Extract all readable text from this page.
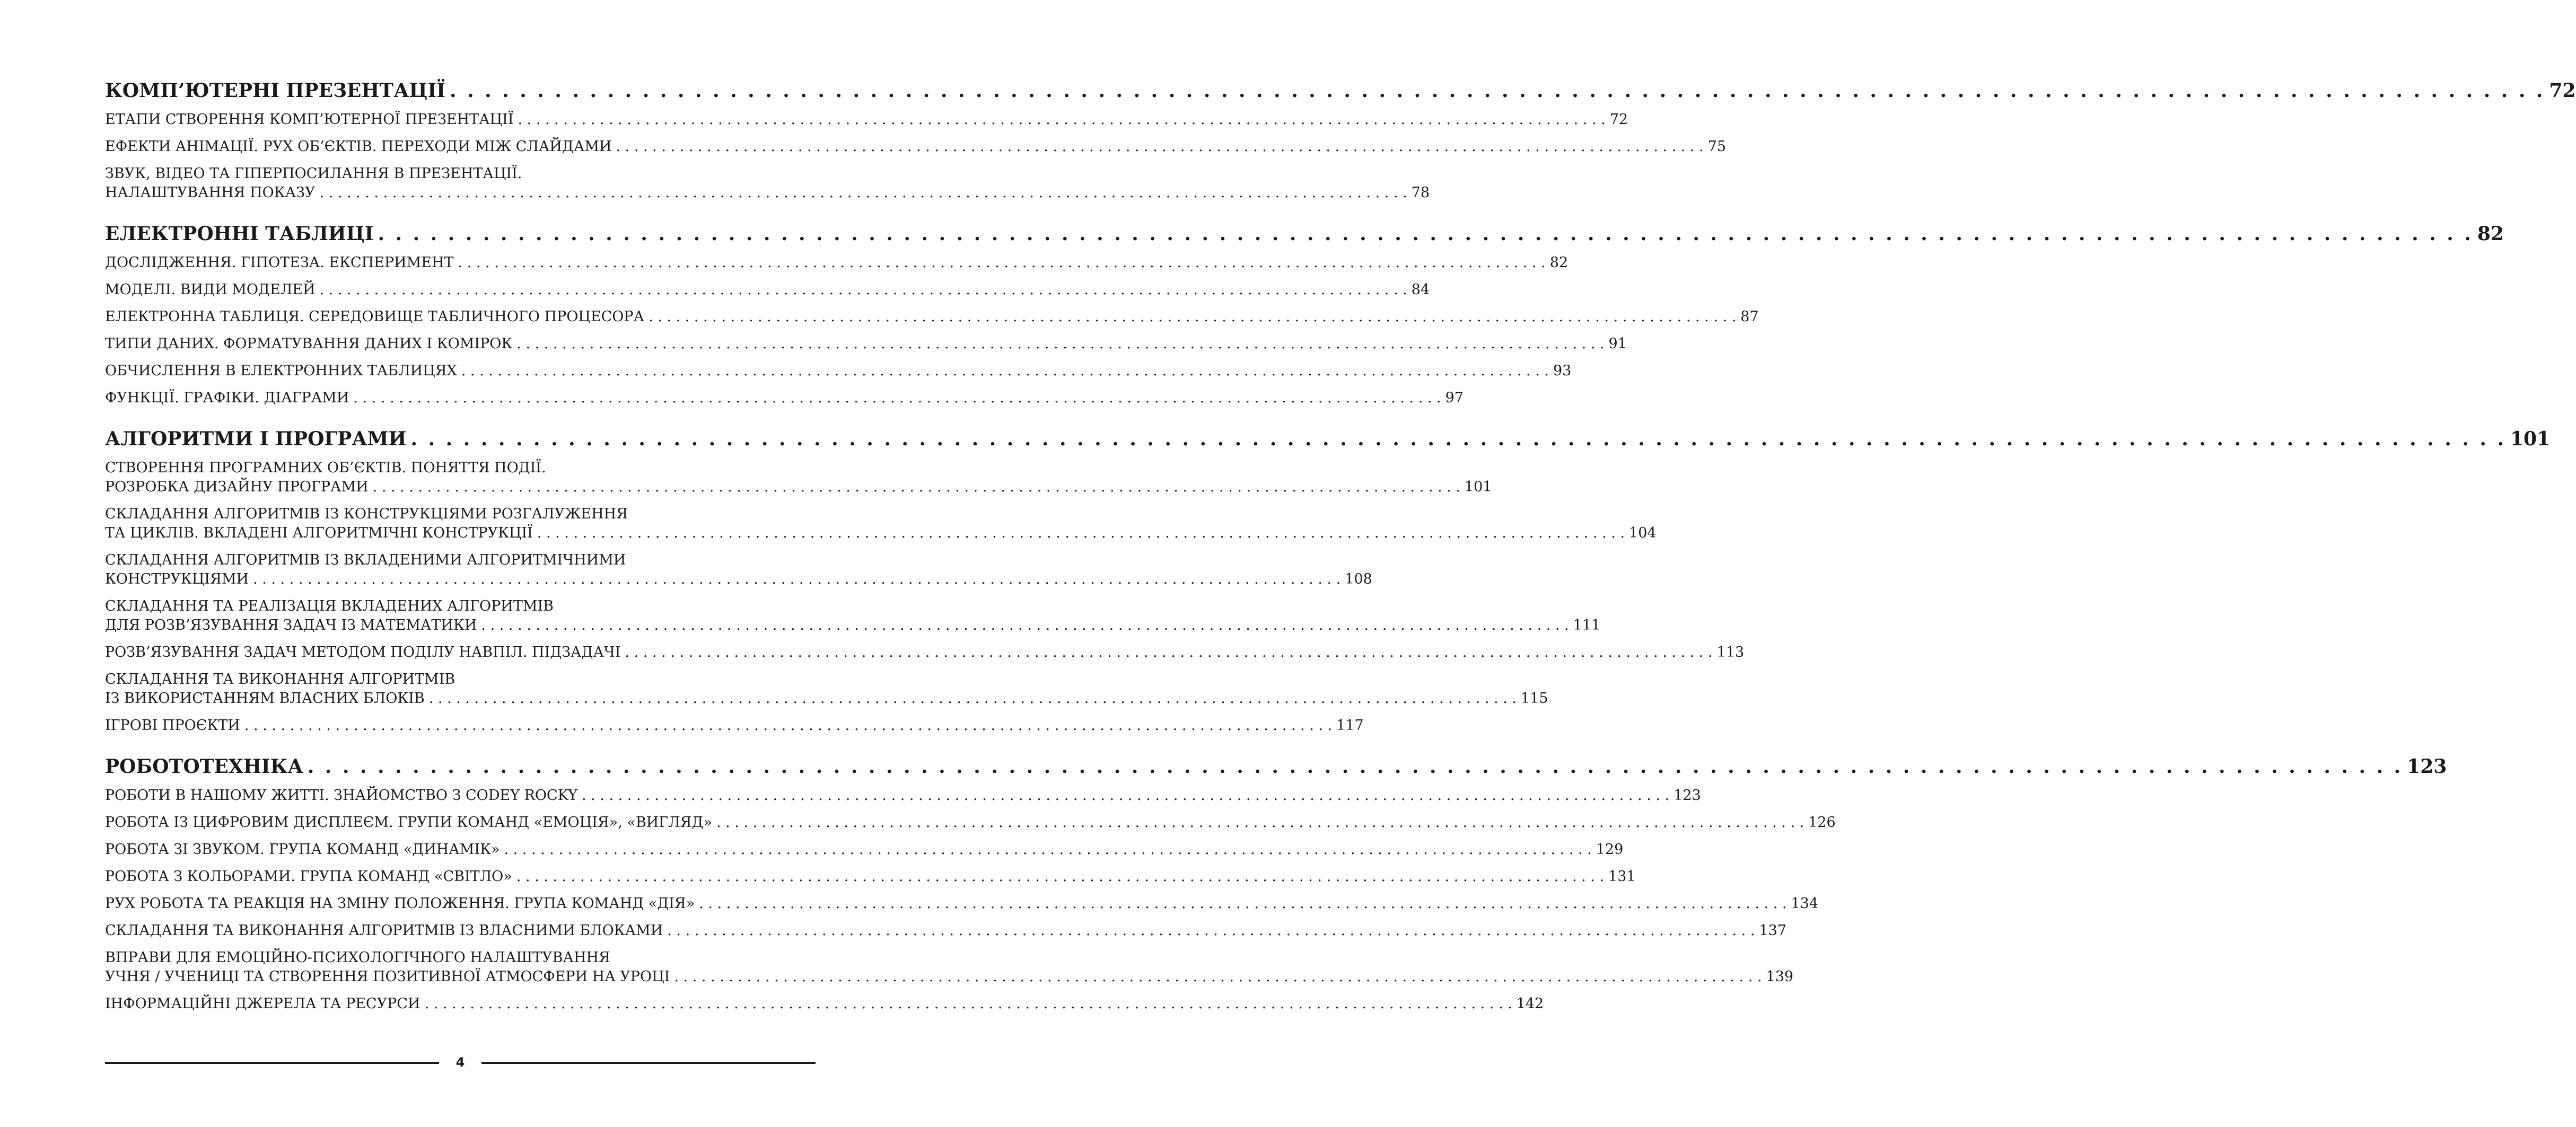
КОМП’ЮТЕРНІ ПРЕЗЕНТАЦІЇ . . .	72
ЕТАПИ СТВОРЕННЯ КОМП’ЮТЕРНОЇ ПРЕЗЕНТАЦІЇ . . .	72
ЕФЕКТИ АНІМАЦІЇ. РУХ ОБ’ЄКТІВ. ПЕРЕХОДИ МІЖ СЛАЙДАМИ . . .	75
ЗВУК, ВІДЕО ТА ГІПЕРПОСИЛАННЯ В ПРЕЗЕНТАЦІЇ.
НАЛАШТУВАННЯ ПОКАЗУ . . .	78
ЕЛЕКТРОННІ ТАБЛИЦІ . . .	82
ДОСЛІДЖЕННЯ. ГІПОТЕЗА. ЕКСПЕРИМЕНТ . . .	82
МОДЕЛІ. ВИДИ МОДЕЛЕЙ . . .	84
ЕЛЕКТРОННА ТАБЛИЦЯ. СЕРЕДОВИЩЕ ТАБЛИЧНОГО ПРОЦЕСОРА . . .	87
ТИПИ ДАНИХ. ФОРМАТУВАННЯ ДАНИХ І КОМІРОК . . .	91
ОБЧИСЛЕННЯ В ЕЛЕКТРОННИХ ТАБЛИЦЯХ . . .	93
ФУНКЦІЇ. ГРАФІКИ. ДІАГРАМИ . . .	97
АЛГОРИТМИ І ПРОГРАМИ . . .	101
СТВОРЕННЯ ПРОГРАМНИХ ОБ’ЄКТІВ. ПОНЯТТЯ ПОДІЇ.
РОЗРОБКА ДИЗАЙНУ ПРОГРАМИ . . .	101
СКЛАДАННЯ АЛГОРИТМІВ ІЗ КОНСТРУКЦІЯМИ РОЗГАЛУЖЕННЯ
ТА ЦИКЛІВ. ВКЛАДЕНІ АЛГОРИТМІЧНІ КОНСТРУКЦІЇ . . .	104
СКЛАДАННЯ АЛГОРИТМІВ ІЗ ВКЛАДЕНИМИ АЛГОРИТМІЧНИМИ
КОНСТРУКЦІЯМИ . . .	108
СКЛАДАННЯ ТА РЕАЛІЗАЦІЯ ВКЛАДЕНИХ АЛГОРИТМІВ
ДЛЯ РОЗВ’ЯЗУВАННЯ ЗАДАЧ ІЗ МАТЕМАТИКИ . . .	111
РОЗВ’ЯЗУВАННЯ ЗАДАЧ МЕТОДОМ ПОДІЛУ НАВПІЛ. ПІДЗАДАЧІ . . .	113
СКЛАДАННЯ ТА ВИКОНАННЯ АЛГОРИТМІВ
ІЗ ВИКОРИСТАННЯМ ВЛАСНИХ БЛОКІВ . . .	115
ІГРОВІ ПРОЄКТИ . . .	117
РОБОТОТЕХНІКА . . .	123
РОБОТИ В НАШОМУ ЖИТТІ. ЗНАЙОМСТВО З CODEY ROCKY . . .	123
РОБОТА ІЗ ЦИФРОВИМ ДИСПЛЕЄМ. ГРУПИ КОМАНД «ЕМОЦІЯ», «ВИГЛЯД» . . .	126
РОБОТА ЗІ ЗВУКОМ. ГРУПА КОМАНД «ДИНАМІК» . . .	129
РОБОТА З КОЛЬОРАМИ. ГРУПА КОМАНД «СВІТЛО» . . .	131
РУХ РОБОТА ТА РЕАКЦІЯ НА ЗМІНУ ПОЛОЖЕННЯ. ГРУПА КОМАНД «ДІЯ» . . .	134
СКЛАДАННЯ ТА ВИКОНАННЯ АЛГОРИТМІВ ІЗ ВЛАСНИМИ БЛОКАМИ . . .	137
ВПРАВИ ДЛЯ ЕМОЦІЙНО-ПСИХОЛОГІЧНОГО НАЛАШТУВАННЯ
УЧНЯ / УЧЕНИЦІ ТА СТВОРЕННЯ ПОЗИТИВНОЇ АТМОСФЕРИ НА УРОЦІ . . .	139
ІНФОРМАЦІЙНІ ДЖЕРЕЛА ТА РЕСУРСИ . . .	142
4
